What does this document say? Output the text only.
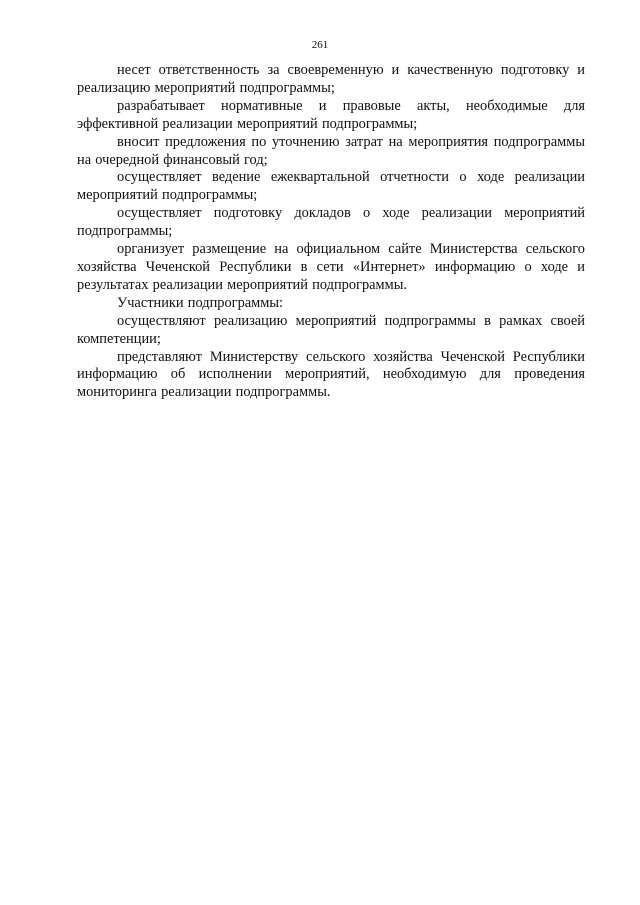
261

несет ответственность за своевременную и качественную подготовку и реализацию мероприятий подпрограммы;

разрабатывает нормативные и правовые акты, необходимые для эффективной реализации мероприятий подпрограммы;

вносит предложения по уточнению затрат на мероприятия подпрограммы на очередной финансовый год;

осуществляет ведение ежеквартальной отчетности о ходе реализации мероприятий подпрограммы;

осуществляет подготовку докладов о ходе реализации мероприятий подпрограммы;

организует размещение на официальном сайте Министерства сельского хозяйства Чеченской Республики в сети «Интернет» информацию о ходе и результатах реализации мероприятий подпрограммы.

Участники подпрограммы:

осуществляют реализацию мероприятий подпрограммы в рамках своей компетенции;

представляют Министерству сельского хозяйства Чеченской Республики информацию об исполнении мероприятий, необходимую для проведения мониторинга реализации подпрограммы.
